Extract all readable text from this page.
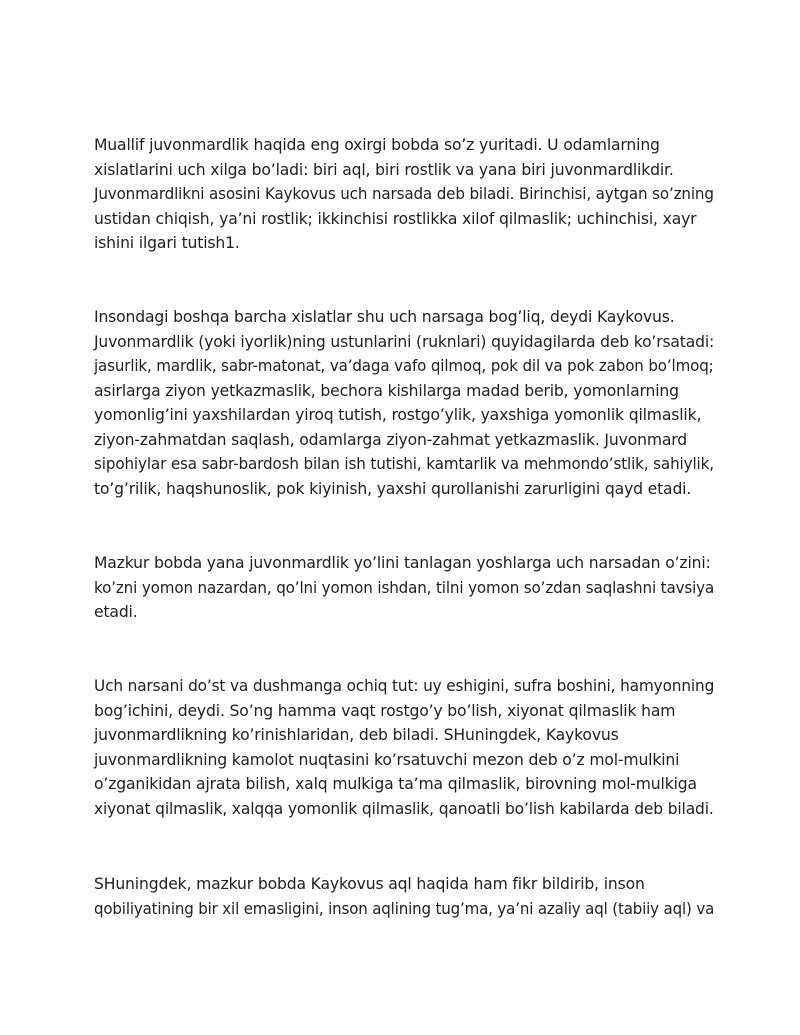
Muallif juvonmardlik haqida eng oxirgi bobda so’z yuritadi. U odamlarning
xislatlarini uch xilga bo’ladi: biri aql, biri rostlik va yana biri juvonmardlikdir.
Juvonmardlikni asosini Kaykovus uch narsada deb biladi. Birinchisi, aytgan so’zning
ustidan chiqish, ya’ni rostlik; ikkinchisi rostlikka xilof qilmaslik; uchinchisi, xayr
ishini ilgari tutish1.

Insondagi boshqa barcha xislatlar shu uch narsaga bog’liq, deydi Kaykovus.
Juvonmardlik (yoki iyorlik)ning ustunlarini (ruknlari) quyidagilarda deb ko’rsatadi: jasurlik, mardlik, sabr-matonat, va’daga vafo qilmoq, pok dil va pok zabon bo’lmoq;
asirlarga ziyon yetkazmaslik, bechora kishilarga madad berib, yomonlarning
yomonlig’ini yaxshilardan yiroq tutish, rostgo’ylik, yaxshiga yomonlik qilmaslik,
ziyon-zahmatdan saqlash, odamlarga ziyon-zahmat yetkazmaslik. Juvonmard
sipohiylar esa sabr-bardosh bilan ish tutishi, kamtarlik va mehmondo’stlik, sahiylik,
to’g’rilik, haqshunoslik, pok kiyinish, yaxshi qurollanishi zarurligini qayd etadi.

Mazkur bobda yana juvonmardlik yo’lini tanlagan yoshlarga uch narsadan o’zini:
ko’zni yomon nazardan, qo’lni yomon ishdan, tilni yomon so’zdan saqlashni tavsiya
etadi.

Uch narsani do’st va dushmanga ochiq tut: uy eshigini, sufra boshini, hamyonning
bog’ichini, deydi. So’ng hamma vaqt rostgo’y bo’lish, xiyonat qilmaslik ham
juvonmardlikning ko’rinishlaridan, deb biladi. SHuningdek, Kaykovus
juvonmardlikning kamolot nuqtasini ko’rsatuvchi mezon deb o’z mol-mulkini
o’zganikidan ajrata bilish, xalq mulkiga ta’ma qilmaslik, birovning mol-mulkiga
xiyonat qilmaslik, xalqqa yomonlik qilmaslik, qanoatli bo’lish kabilarda deb biladi.

SHuningdek, mazkur bobda Kaykovus aql haqida ham fikr bildirib, inson
qobiliyatining bir xil emasligini, inson aqlining tug’ma, ya’ni azaliy aql (tabiiy aql) va
